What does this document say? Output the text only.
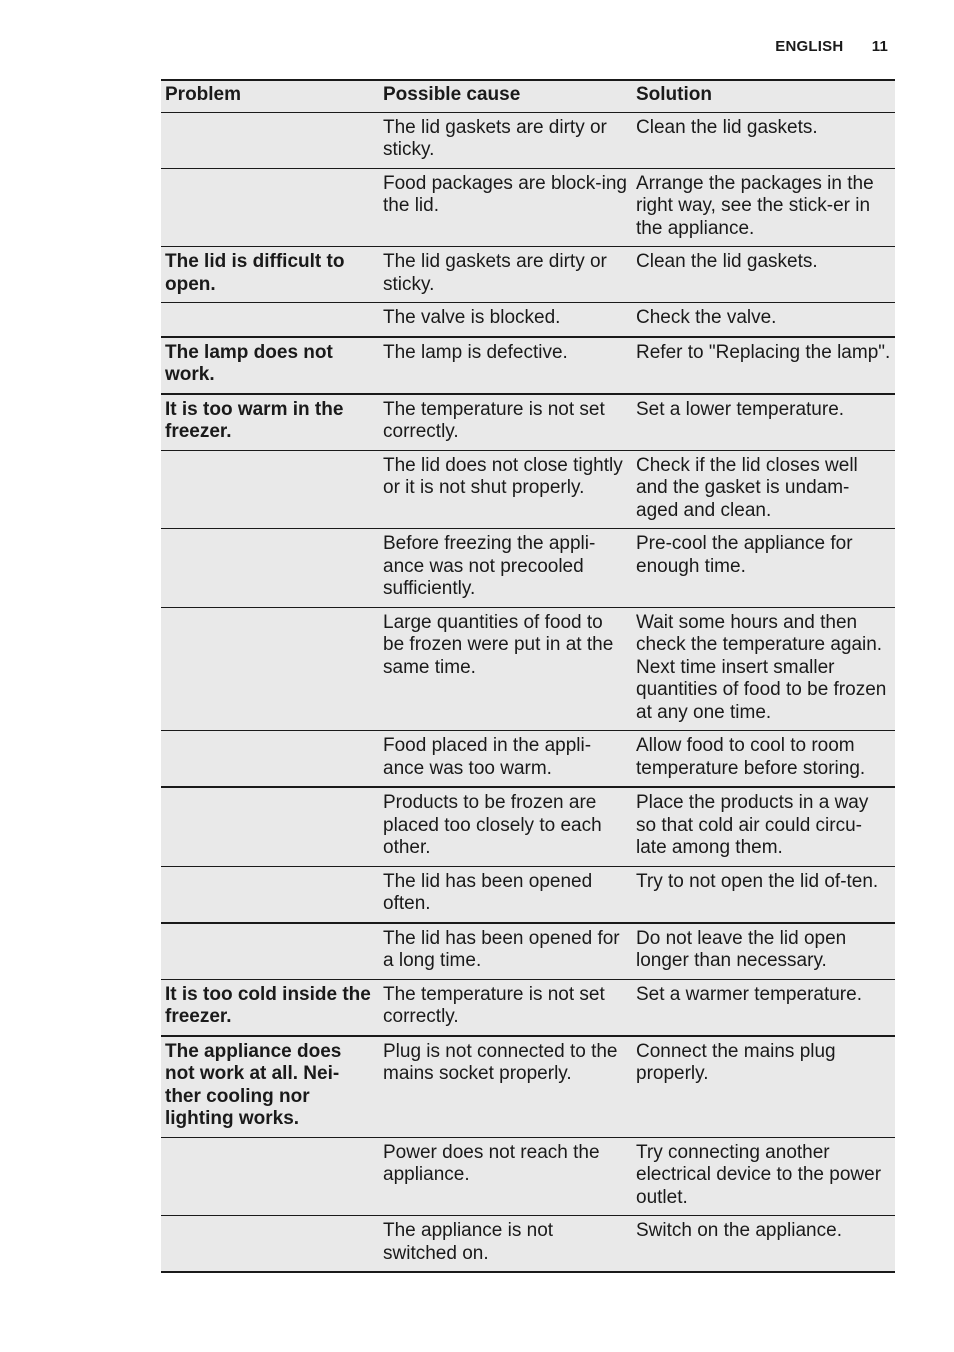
ENGLISH 11
Problem	Possible cause	Solution
	The lid gaskets are dirty or sticky.	Clean the lid gaskets.
	Food packages are block-ing the lid.	Arrange the packages in the right way, see the stick-er in the appliance.
The lid is difficult to open.	The lid gaskets are dirty or sticky.	Clean the lid gaskets.
	The valve is blocked.	Check the valve.
The lamp does not work.	The lamp is defective.	Refer to "Replacing the lamp".
It is too warm in the freezer.	The temperature is not set correctly.	Set a lower temperature.
	The lid does not close tightly or it is not shut properly.	Check if the lid closes well and the gasket is undam-aged and clean.
	Before freezing the appli-ance was not precooled sufficiently.	Pre-cool the appliance for enough time.
	Large quantities of food to be frozen were put in at the same time.	Wait some hours and then check the temperature again. Next time insert smaller quantities of food to be frozen at any one time.
	Food placed in the appli-ance was too warm.	Allow food to cool to room temperature before storing.
	Products to be frozen are placed too closely to each other.	Place the products in a way so that cold air could circu-late among them.
	The lid has been opened often.	Try to not open the lid of-ten.
	The lid has been opened for a long time.	Do not leave the lid open longer than necessary.
It is too cold inside the freezer.	The temperature is not set correctly.	Set a warmer temperature.
The appliance does not work at all. Nei-ther cooling nor lighting works.	Plug is not connected to the mains socket properly.	Connect the mains plug properly.
	Power does not reach the appliance.	Try connecting another electrical device to the power outlet.
	The appliance is not switched on.	Switch on the appliance.
